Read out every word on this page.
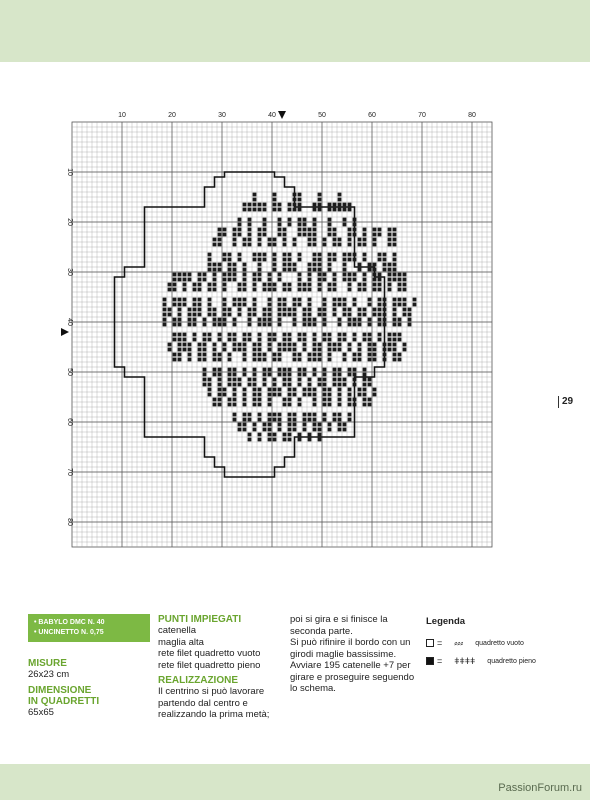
10	20	30	40	50	60	70	80
10
20
30
40
50
60
70
80
29
• BABYLO DMC N. 40
• UNCINETTO N. 0,75
MISURE
26x23 cm
DIMENSIONE
IN QUADRETTI
65x65
PUNTI IMPIEGATI
catenella
maglia alta
rete filet quadretto vuoto
rete filet quadretto pieno
REALIZZAZIONE
Il centrino si può lavorare
partendo dal centro e
realizzando la prima metà;
poi si gira e si finisce la
seconda parte.
Si può rifinire il bordo con un
girodi maglie bassissime.
Avviare 195 catenelle +7 per
girare e proseguire seguendo
lo schema.
Legenda
= ⸗⸗⸗ quadretto vuoto
= ǂǂǂǂ quadretto pieno
PassionForum.ru
